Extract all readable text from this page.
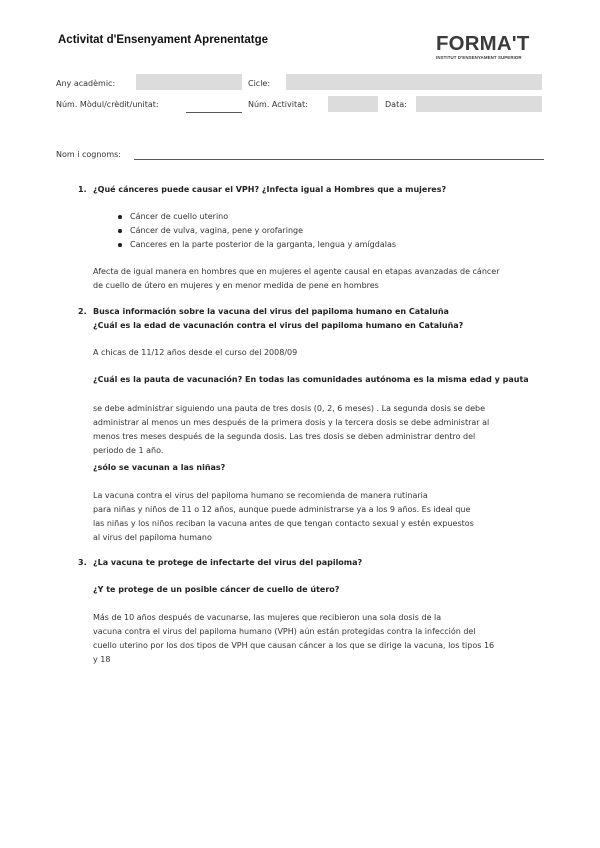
Activitat d'Ensenyament Aprenentatge	FORMA'T
INSTITUT D'ENSENYAMENT SUPERIOR
Any acadèmic:	Cicle:
Núm. Mòdul/crèdit/unitat:	Núm. Activitat:	Data:
Nom i cognoms:
1. ¿Qué cánceres puede causar el VPH? ¿Infecta igual a Hombres que a mujeres?
Cáncer de cuello uterino
Cáncer de vulva, vagina, pene y orofaringe
Canceres en la parte posterior de la garganta, lengua y amígdalas
Afecta de igual manera en hombres que en mujeres el agente causal en etapas avanzadas de cáncer
de cuello de útero en mujeres y en menor medida de pene en hombres
2. Busca información sobre la vacuna del virus del papiloma humano en Cataluña
¿Cuál es la edad de vacunación contra el virus del papiloma humano en Cataluña?
A chicas de 11/12 años desde el curso del 2008/09
¿Cuál es la pauta de vacunación? En todas las comunidades autónoma es la misma edad y pauta
se debe administrar siguiendo una pauta de tres dosis (0, 2, 6 meses) . La segunda dosis se debe
administrar al menos un mes después de la primera dosis y la tercera dosis se debe administrar al
menos tres meses después de la segunda dosis. Las tres dosis se deben administrar dentro del
periodo de 1 año.
¿sólo se vacunan a las niñas?
La vacuna contra el virus del papiloma humano se recomienda de manera rutinaria
para niñas y niños de 11 o 12 años, aunque puede administrarse ya a los 9 años. Es ideal que
las niñas y los niños reciban la vacuna antes de que tengan contacto sexual y estén expuestos
al virus del papiloma humano
3. ¿La vacuna te protege de infectarte del virus del papiloma?
¿Y te protege de un posible cáncer de cuello de útero?
Más de 10 años después de vacunarse, las mujeres que recibieron una sola dosis de la
vacuna contra el virus del papiloma humano (VPH) aún están protegidas contra la infección del
cuello uterino por los dos tipos de VPH que causan cáncer a los que se dirige la vacuna, los tipos 16
y 18
